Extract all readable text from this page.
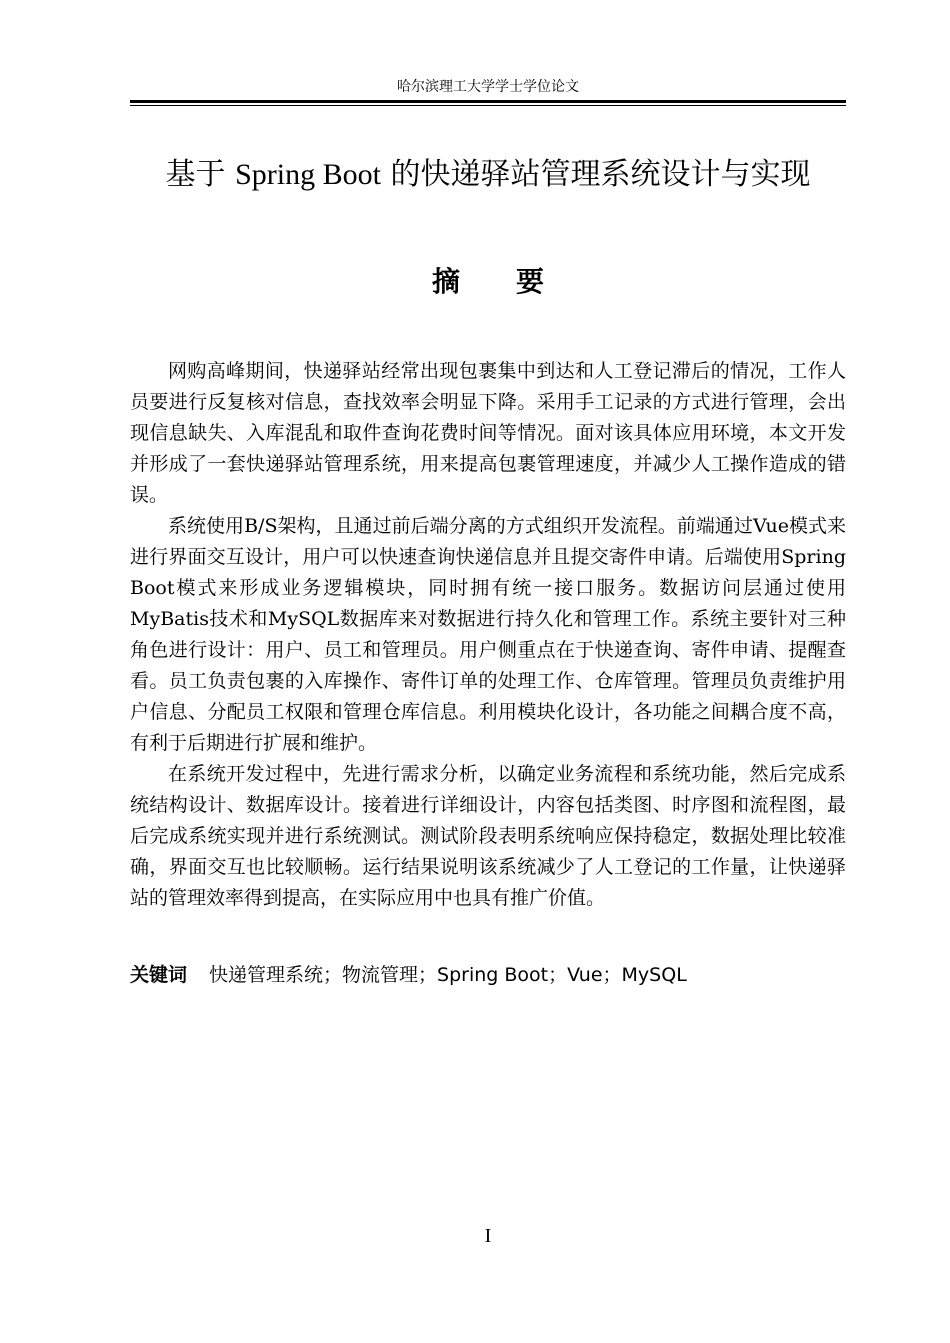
哈尔滨理工大学学士学位论文
基于 Spring Boot 的快递驿站管理系统设计与实现
摘 要

网购高峰期间，快递驿站经常出现包裹集中到达和人工登记滞后的情况，工作人员要进行反复核对信息，查找效率会明显下降。采用手工记录的方式进行管理，会出现信息缺失、入库混乱和取件查询花费时间等情况。面对该具体应用环境，本文开发并形成了一套快递驿站管理系统，用来提高包裹管理速度，并减少人工操作造成的错误。

系统使用B/S架构，且通过前后端分离的方式组织开发流程。前端通过Vue模式来进行界面交互设计，用户可以快速查询快递信息并且提交寄件申请。后端使用Spring Boot模式来形成业务逻辑模块，同时拥有统一接口服务。数据访问层通过使用MyBatis技术和MySQL数据库来对数据进行持久化和管理工作。系统主要针对三种角色进行设计：用户、员工和管理员。用户侧重点在于快递查询、寄件申请、提醒查看。员工负责包裹的入库操作、寄件订单的处理工作、仓库管理。管理员负责维护用户信息、分配员工权限和管理仓库信息。利用模块化设计，各功能之间耦合度不高，有利于后期进行扩展和维护。

在系统开发过程中，先进行需求分析，以确定业务流程和系统功能，然后完成系统结构设计、数据库设计。接着进行详细设计，内容包括类图、时序图和流程图，最后完成系统实现并进行系统测试。测试阶段表明系统响应保持稳定，数据处理比较准确，界面交互也比较顺畅。运行结果说明该系统减少了人工登记的工作量，让快递驿站的管理效率得到提高，在实际应用中也具有推广价值。

关键词 快递管理系统；物流管理；Spring Boot；Vue；MySQL
I
